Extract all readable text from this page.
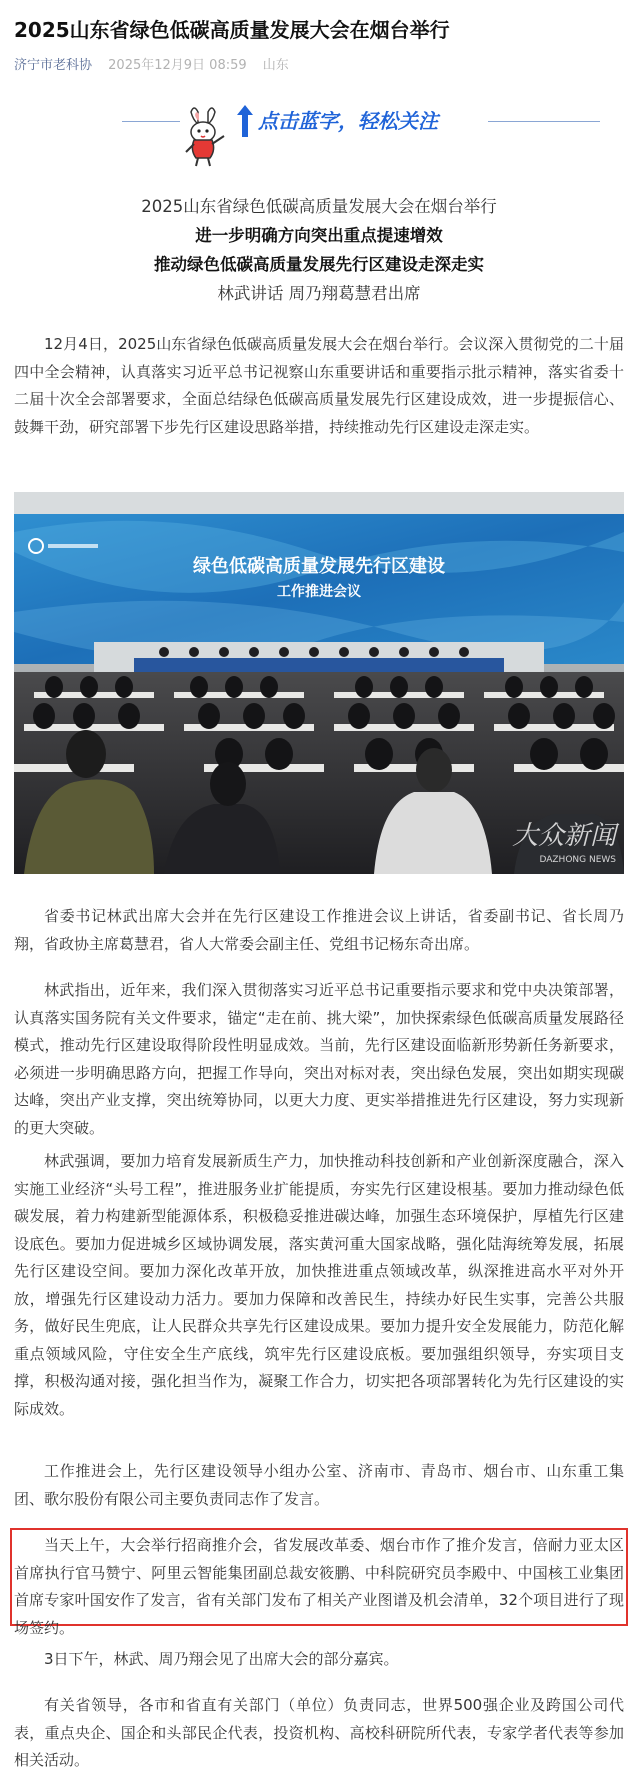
2025山东省绿色低碳高质量发展大会在烟台举行
济宁市老科协 2025年12月9日 08:59 山东
点击蓝字，轻松关注
2025山东省绿色低碳高质量发展大会在烟台举行
进一步明确方向突出重点提速增效
推动绿色低碳高质量发展先行区建设走深走实
林武讲话 周乃翔葛慧君出席

12月4日，2025山东省绿色低碳高质量发展大会在烟台举行。会议深入贯彻党的二十届四中全会精神，认真落实习近平总书记视察山东重要讲话和重要指示批示精神，落实省委十二届十次全会部署要求，全面总结绿色低碳高质量发展先行区建设成效，进一步提振信心、鼓舞干劲，研究部署下步先行区建设思路举措，持续推动先行区建设走深走实。

绿色低碳高质量发展先行区建设
工作推进会议
大众新闻
DAZHONG NEWS

省委书记林武出席大会并在先行区建设工作推进会议上讲话，省委副书记、省长周乃翔，省政协主席葛慧君，省人大常委会副主任、党组书记杨东奇出席。

林武指出，近年来，我们深入贯彻落实习近平总书记重要指示要求和党中央决策部署，认真落实国务院有关文件要求，锚定“走在前、挑大梁”，加快探索绿色低碳高质量发展路径模式，推动先行区建设取得阶段性明显成效。当前，先行区建设面临新形势新任务新要求，必须进一步明确思路方向，把握工作导向，突出对标对表，突出绿色发展，突出如期实现碳达峰，突出产业支撑，突出统筹协同，以更大力度、更实举措推进先行区建设，努力实现新的更大突破。

林武强调，要加力培育发展新质生产力，加快推动科技创新和产业创新深度融合，深入实施工业经济“头号工程”，推进服务业扩能提质，夯实先行区建设根基。要加力推动绿色低碳发展，着力构建新型能源体系，积极稳妥推进碳达峰，加强生态环境保护，厚植先行区建设底色。要加力促进城乡区域协调发展，落实黄河重大国家战略，强化陆海统筹发展，拓展先行区建设空间。要加力深化改革开放，加快推进重点领域改革，纵深推进高水平对外开放，增强先行区建设动力活力。要加力保障和改善民生，持续办好民生实事，完善公共服务，做好民生兜底，让人民群众共享先行区建设成果。要加力提升安全发展能力，防范化解重点领域风险，守住安全生产底线，筑牢先行区建设底板。要加强组织领导，夯实项目支撑，积极沟通对接，强化担当作为，凝聚工作合力，切实把各项部署转化为先行区建设的实际成效。

工作推进会上，先行区建设领导小组办公室、济南市、青岛市、烟台市、山东重工集团、歌尔股份有限公司主要负责同志作了发言。

当天上午，大会举行招商推介会，省发展改革委、烟台市作了推介发言，倍耐力亚太区首席执行官马赞宁、阿里云智能集团副总裁安筱鹏、中科院研究员李殿中、中国核工业集团首席专家叶国安作了发言，省有关部门发布了相关产业图谱及机会清单，32个项目进行了现场签约。

3日下午，林武、周乃翔会见了出席大会的部分嘉宾。

有关省领导，各市和省直有关部门（单位）负责同志，世界500强企业及跨国公司代表，重点央企、国企和头部民企代表，投资机构、高校科研院所代表，专家学者代表等参加相关活动。
